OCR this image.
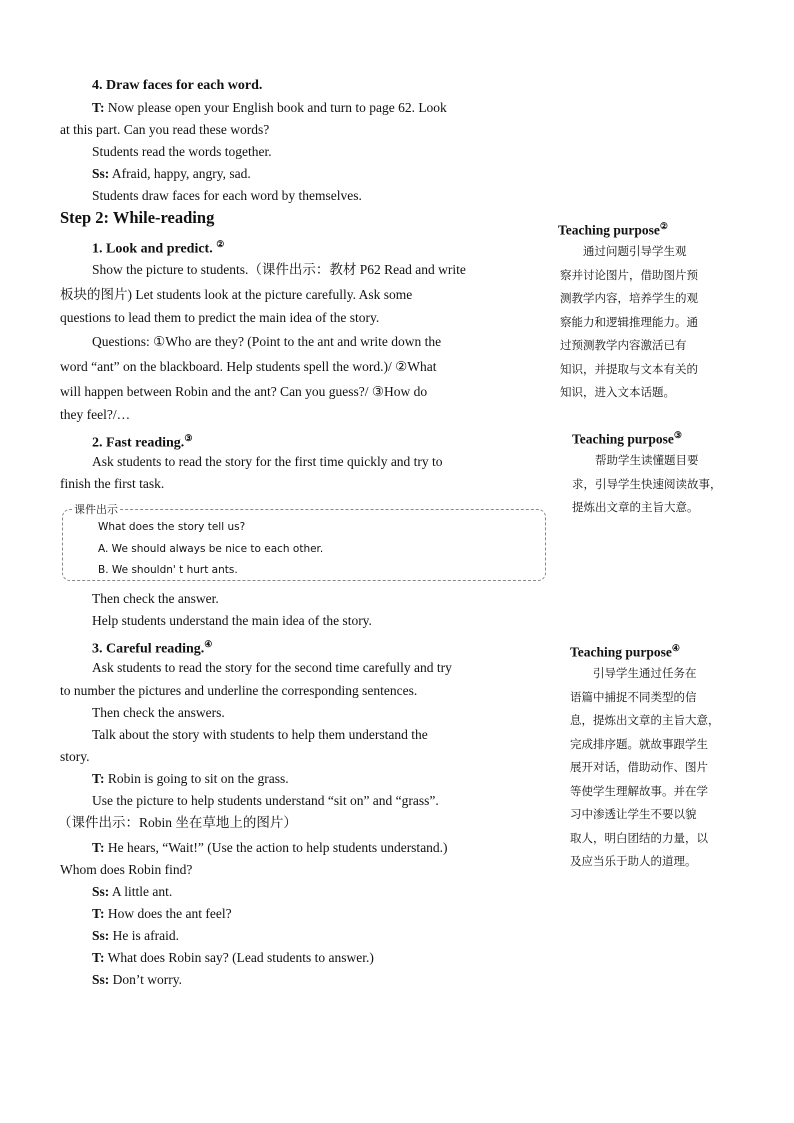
4. Draw faces for each word.
T: Now please open your English book and turn to page 62. Look
at this part. Can you read these words?
Students read the words together.
Ss: Afraid, happy, angry, sad.
Students draw faces for each word by themselves.
Step 2: While-reading
1. Look and predict. ②
Show the picture to students.（课件出示：教材 P62 Read and write
板块的图片) Let students look at the picture carefully. Ask some
questions to lead them to predict the main idea of the story.
Questions: ①Who are they? (Point to the ant and write down the
word “ant” on the blackboard. Help students spell the word.)/ ②What
will happen between Robin and the ant? Can you guess?/ ③How do
they feel?/…
2. Fast reading.③
Ask students to read the story for the first time quickly and try to
finish the first task.
课件出示
What does the story tell us?
A. We should always be nice to each other.
B. We shouldn' t hurt ants.
Then check the answer.
Help students understand the main idea of the story.
3. Careful reading.④
Ask students to read the story for the second time carefully and try
to number the pictures and underline the corresponding sentences.
Then check the answers.
Talk about the story with students to help them understand the
story.
T: Robin is going to sit on the grass.
Use the picture to help students understand “sit on” and “grass”.
（课件出示：Robin 坐在草地上的图片）
T: He hears, “Wait!” (Use the action to help students understand.)
Whom does Robin find?
Ss: A little ant.
T: How does the ant feel?
Ss: He is afraid.
T: What does Robin say? (Lead students to answer.)
Ss: Don’t worry.
Teaching purpose②

　　通过问题引导学生观

察并讨论图片，借助图片预

测教学内容，培养学生的观

察能力和逻辑推理能力。通

过预测教学内容激活已有

知识，并提取与文本有关的

知识，进入文本话题。

Teaching purpose③

　　帮助学生读懂题目要

求，引导学生快速阅读故事，

提炼出文章的主旨大意。

Teaching purpose④

　　引导学生通过任务在

语篇中捕捉不同类型的信

息，提炼出文章的主旨大意，

完成排序题。就故事跟学生

展开对话，借助动作、图片

等使学生理解故事。并在学

习中渗透让学生不要以貌

取人，明白团结的力量，以

及应当乐于助人的道理。
